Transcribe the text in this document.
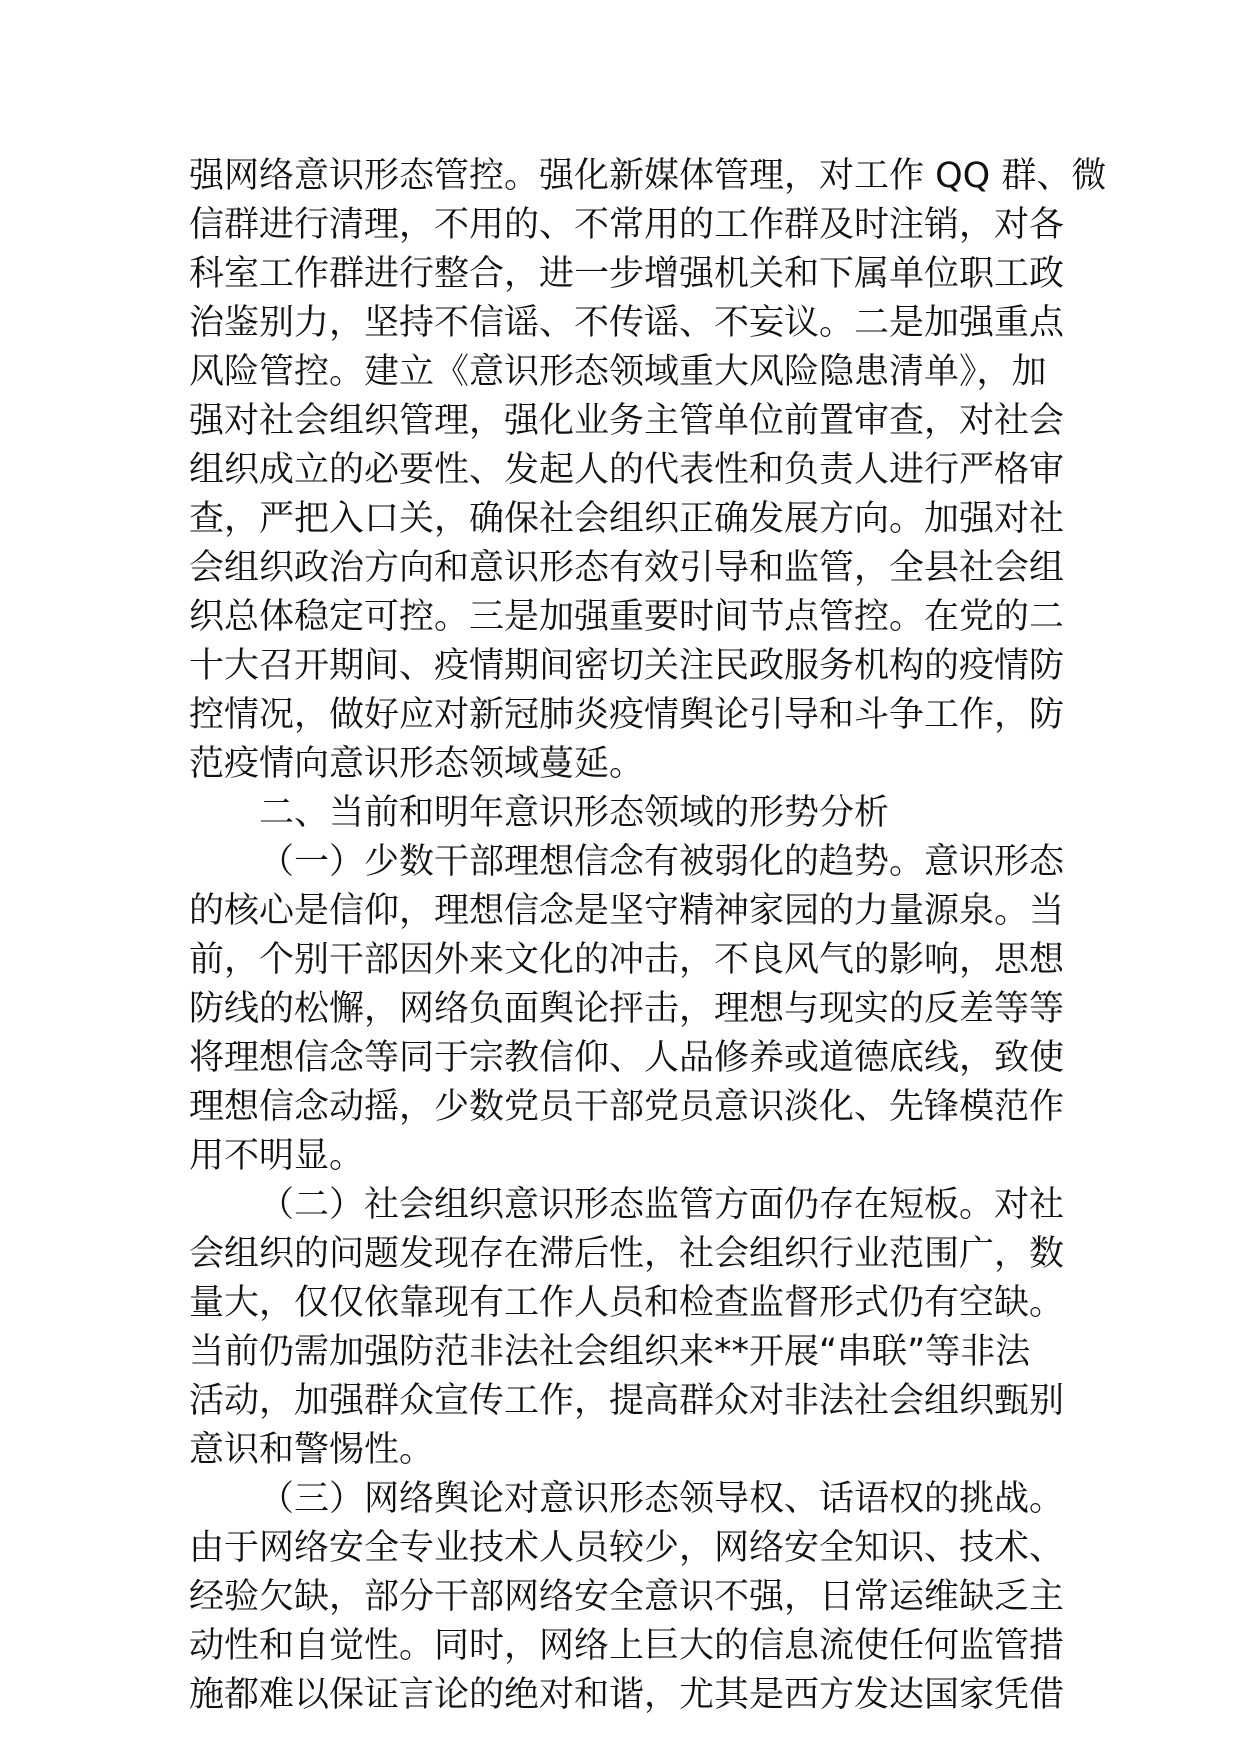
强网络意识形态管控。强化新媒体管理，对工作 QQ 群、微
信群进行清理，不用的、不常用的工作群及时注销，对各
科室工作群进行整合，进一步增强机关和下属单位职工政
治鉴别力，坚持不信谣、不传谣、不妄议。二是加强重点
风险管控。建立《意识形态领域重大风险隐患清单》，加
强对社会组织管理，强化业务主管单位前置审查，对社会
组织成立的必要性、发起人的代表性和负责人进行严格审
查，严把入口关，确保社会组织正确发展方向。加强对社
会组织政治方向和意识形态有效引导和监管，全县社会组
织总体稳定可控。三是加强重要时间节点管控。在党的二
十大召开期间、疫情期间密切关注民政服务机构的疫情防
控情况，做好应对新冠肺炎疫情舆论引导和斗争工作，防
范疫情向意识形态领域蔓延。
二、当前和明年意识形态领域的形势分析
（一）少数干部理想信念有被弱化的趋势。意识形态
的核心是信仰，理想信念是坚守精神家园的力量源泉。当
前，个别干部因外来文化的冲击，不良风气的影响，思想
防线的松懈，网络负面舆论抨击，理想与现实的反差等等
将理想信念等同于宗教信仰、人品修养或道德底线，致使
理想信念动摇，少数党员干部党员意识淡化、先锋模范作
用不明显。
（二）社会组织意识形态监管方面仍存在短板。对社
会组织的问题发现存在滞后性，社会组织行业范围广，数
量大，仅仅依靠现有工作人员和检查监督形式仍有空缺。
当前仍需加强防范非法社会组织来**开展“串联”等非法
活动，加强群众宣传工作，提高群众对非法社会组织甄别
意识和警惕性。
（三）网络舆论对意识形态领导权、话语权的挑战。
由于网络安全专业技术人员较少，网络安全知识、技术、
经验欠缺，部分干部网络安全意识不强，日常运维缺乏主
动性和自觉性。同时，网络上巨大的信息流使任何监管措
施都难以保证言论的绝对和谐，尤其是西方发达国家凭借
